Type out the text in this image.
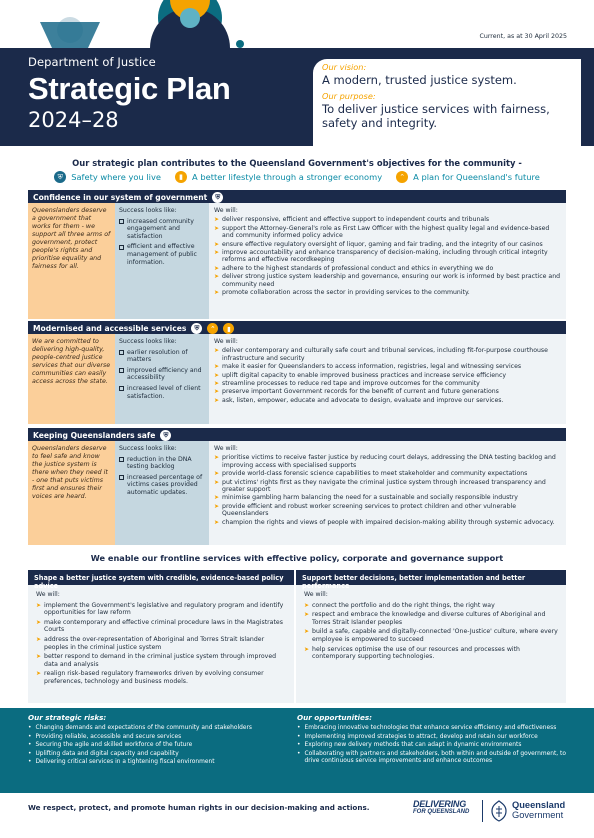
Current, as at 30 April 2025
Department of Justice
Strategic Plan
2024–28
Our vision:
A modern, trusted justice system.
Our purpose:
To deliver justice services with fairness, safety and integrity.
Our strategic plan contributes to the Queensland Government's objectives for the community -
⛨	Safety where you live	▮	A better lifestyle through a stronger economy	⌃ A plan for Queensland's future
Confidence in our system of government	⛨
Queenslanders deserve a government that works for them - we support all three arms of government, protect people's rights and prioritise equality and fairness for all.
Success looks like:
increased community engagement and satisfaction
efficient and effective management of public information.
We will:
➤ deliver responsive, efficient and effective support to independent courts and tribunals
➤ support the Attorney-General's role as First Law Officer with the highest quality legal and evidence-based and community informed policy advice
➤ ensure effective regulatory oversight of liquor, gaming and fair trading, and the integrity of our casinos
➤ improve accountability and enhance transparency of decision-making, including through critical integrity reforms and effective recordkeeping
➤ adhere to the highest standards of professional conduct and ethics in everything we do
➤ deliver strong justice system leadership and governance, ensuring our work is informed by best practice and community need
➤ promote collaboration across the sector in providing services to the community.
Modernised and accessible services	⛨	⌃	▮
We are committed to delivering high-quality, people-centred justice services that our diverse communities can easily access across the state.
Success looks like:
earlier resolution of matters
improved efficiency and accessibility
increased level of client satisfaction.
We will:
➤ deliver contemporary and culturally safe court and tribunal services, including fit-for-purpose courthouse infrastructure and security
➤ make it easier for Queenslanders to access information, registries, legal and witnessing services
➤ uplift digital capacity to enable improved business practices and increase service efficiency
➤ streamline processes to reduce red tape and improve outcomes for the community
➤ preserve important Government records for the benefit of current and future generations
➤ ask, listen, empower, educate and advocate to design, evaluate and improve our services.
Keeping Queenslanders safe	⛨
Queenslanders deserve to feel safe and know the justice system is there when they need it - one that puts victims first and ensures their voices are heard.
Success looks like:
reduction in the DNA testing backlog
increased percentage of victims cases provided automatic updates.
We will:
➤ prioritise victims to receive faster justice by reducing court delays, addressing the DNA testing backlog and improving access with specialised supports
➤ provide world-class forensic science capabilities to meet stakeholder and community expectations
➤ put victims' rights first as they navigate the criminal justice system through increased transparency and greater support
➤ minimise gambling harm balancing the need for a sustainable and socially responsible industry
➤ provide efficient and robust worker screening services to protect children and other vulnerable Queenslanders
➤ champion the rights and views of people with impaired decision-making ability through systemic advocacy.
We enable our frontline services with effective policy, corporate and governance support
Shape a better justice system with credible, evidence-based policy advice
We will:
➤ implement the Government's legislative and regulatory program and identify opportunities for law reform
➤ make contemporary and effective criminal procedure laws in the Magistrates Courts
➤ address the over-representation of Aboriginal and Torres Strait Islander peoples in the criminal justice system
➤ better respond to demand in the criminal justice system through improved data and analysis
➤ realign risk-based regulatory frameworks driven by evolving consumer preferences, technology and business models.
Support better decisions, better implementation and better performance
We will:
➤ connect the portfolio and do the right things, the right way
➤ respect and embrace the knowledge and diverse cultures of Aboriginal and Torres Strait Islander peoples
➤ build a safe, capable and digitally-connected 'One-Justice' culture, where every employee is empowered to succeed
➤ help services optimise the use of our resources and processes with contemporary supporting technologies.
Our strategic risks:
• Changing demands and expectations of the community and stakeholders
• Providing reliable, accessible and secure services
• Securing the agile and skilled workforce of the future
• Uplifting data and digital capacity and capability
• Delivering critical services in a tightening fiscal environment
Our opportunities:
• Embracing innovative technologies that enhance service efficiency and effectiveness
• Implementing improved strategies to attract, develop and retain our workforce
• Exploring new delivery methods that can adapt in dynamic environments
• Collaborating with partners and stakeholders, both within and outside of government, to drive continuous service improvements and enhance outcomes
We respect, protect, and promote human rights in our decision-making and actions.	DELIVERING
FOR QUEENSLAND
Queensland
Government
